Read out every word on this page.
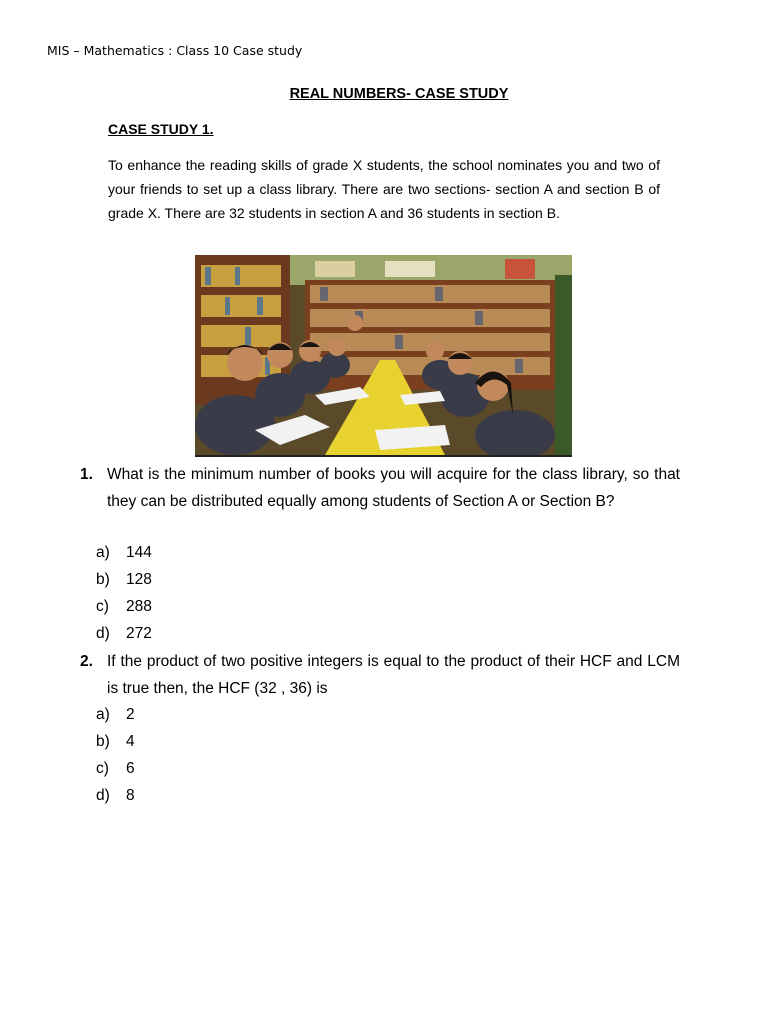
MIS – Mathematics : Class 10 Case study
REAL NUMBERS- CASE STUDY
CASE STUDY 1.
To enhance the reading skills of grade X students, the school nominates you and two of your friends to set up a class library. There are two sections- section A and section B of grade X. There are 32 students in section A and 36 students in section B.
1. What is the minimum number of books you will acquire for the class library, so that they can be distributed equally among students of Section A or Section B?
a) 144
b) 128
c) 288
d) 272
2. If the product of two positive integers is equal to the product of their HCF and LCM is true then, the HCF (32 , 36) is
a) 2
b) 4
c) 6
d) 8
